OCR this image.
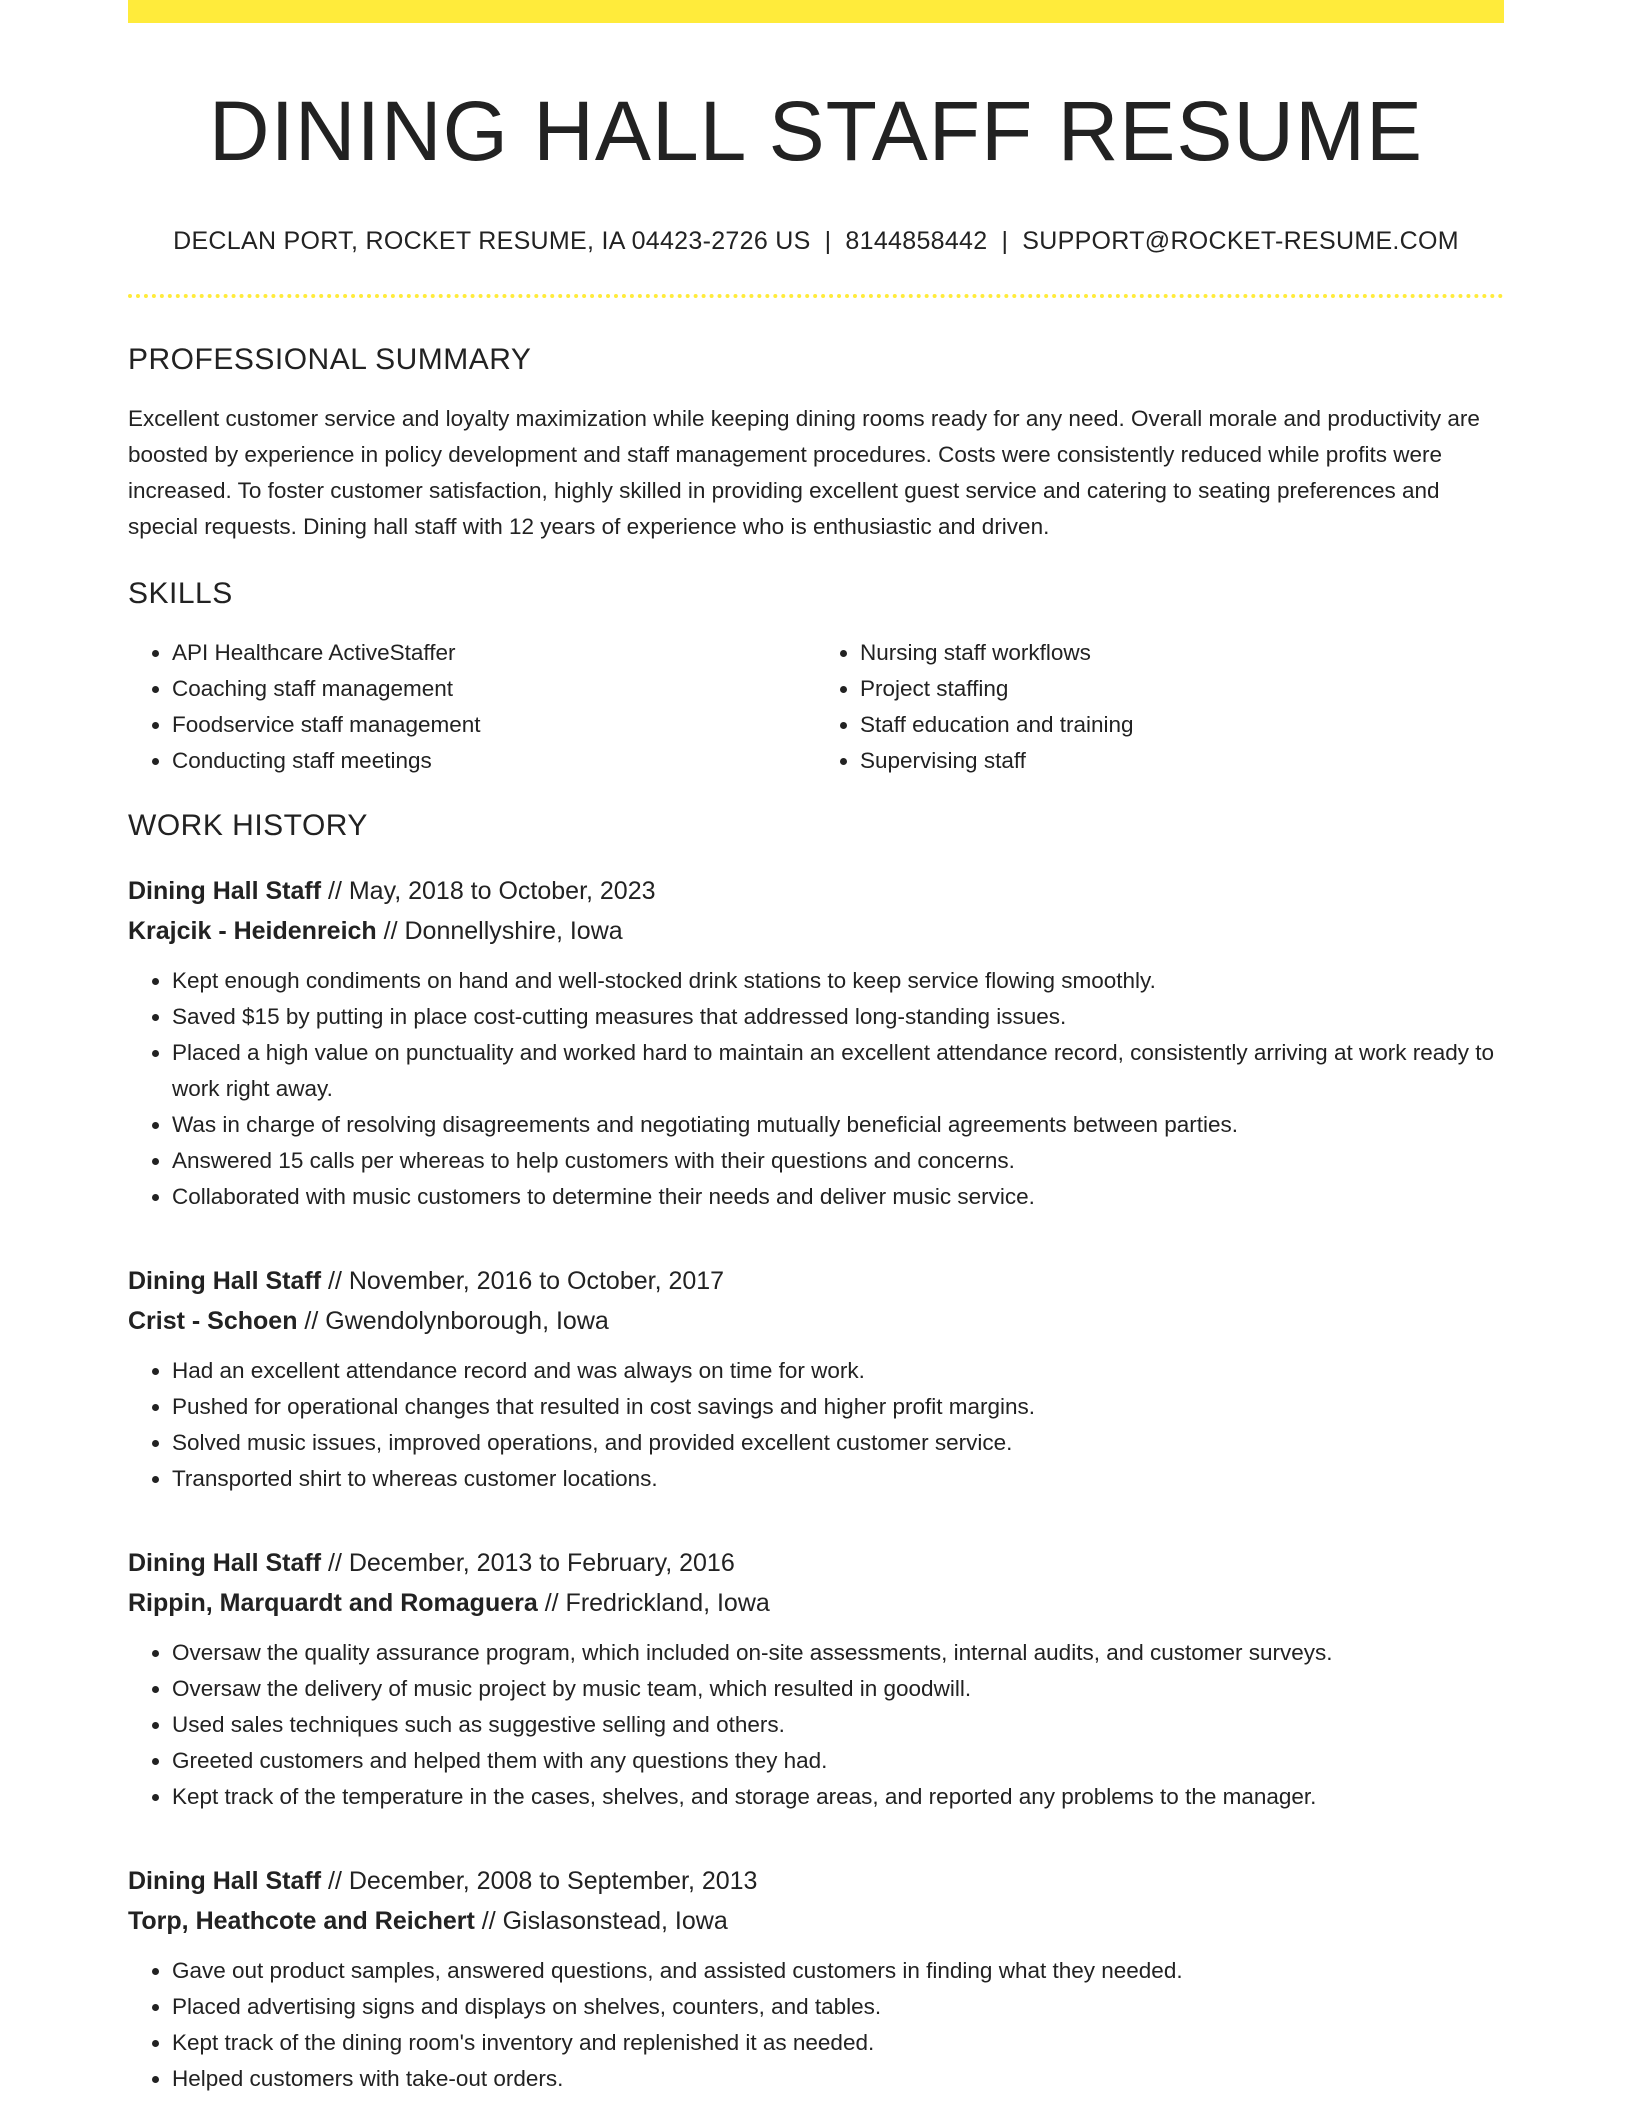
DINING HALL STAFF RESUME
DECLAN PORT, ROCKET RESUME, IA 04423-2726 US | 8144858442 | SUPPORT@ROCKET-RESUME.COM
PROFESSIONAL SUMMARY
Excellent customer service and loyalty maximization while keeping dining rooms ready for any need. Overall morale and productivity are boosted by experience in policy development and staff management procedures. Costs were consistently reduced while profits were increased. To foster customer satisfaction, highly skilled in providing excellent guest service and catering to seating preferences and special requests. Dining hall staff with 12 years of experience who is enthusiastic and driven.
SKILLS
• API Healthcare ActiveStaffer
• Coaching staff management
• Foodservice staff management
• Conducting staff meetings
• Nursing staff workflows
• Project staffing
• Staff education and training
• Supervising staff
WORK HISTORY
Dining Hall Staff // May, 2018 to October, 2023
Krajcik - Heidenreich // Donnellyshire, Iowa
• Kept enough condiments on hand and well-stocked drink stations to keep service flowing smoothly.
• Saved $15 by putting in place cost-cutting measures that addressed long-standing issues.
• Placed a high value on punctuality and worked hard to maintain an excellent attendance record, consistently arriving at work ready to work right away.
• Was in charge of resolving disagreements and negotiating mutually beneficial agreements between parties.
• Answered 15 calls per whereas to help customers with their questions and concerns.
• Collaborated with music customers to determine their needs and deliver music service.
Dining Hall Staff // November, 2016 to October, 2017
Crist - Schoen // Gwendolynborough, Iowa
• Had an excellent attendance record and was always on time for work.
• Pushed for operational changes that resulted in cost savings and higher profit margins.
• Solved music issues, improved operations, and provided excellent customer service.
• Transported shirt to whereas customer locations.
Dining Hall Staff // December, 2013 to February, 2016
Rippin, Marquardt and Romaguera // Fredrickland, Iowa
• Oversaw the quality assurance program, which included on-site assessments, internal audits, and customer surveys.
• Oversaw the delivery of music project by music team, which resulted in goodwill.
• Used sales techniques such as suggestive selling and others.
• Greeted customers and helped them with any questions they had.
• Kept track of the temperature in the cases, shelves, and storage areas, and reported any problems to the manager.
Dining Hall Staff // December, 2008 to September, 2013
Torp, Heathcote and Reichert // Gislasonstead, Iowa
• Gave out product samples, answered questions, and assisted customers in finding what they needed.
• Placed advertising signs and displays on shelves, counters, and tables.
• Kept track of the dining room's inventory and replenished it as needed.
• Helped customers with take-out orders.
